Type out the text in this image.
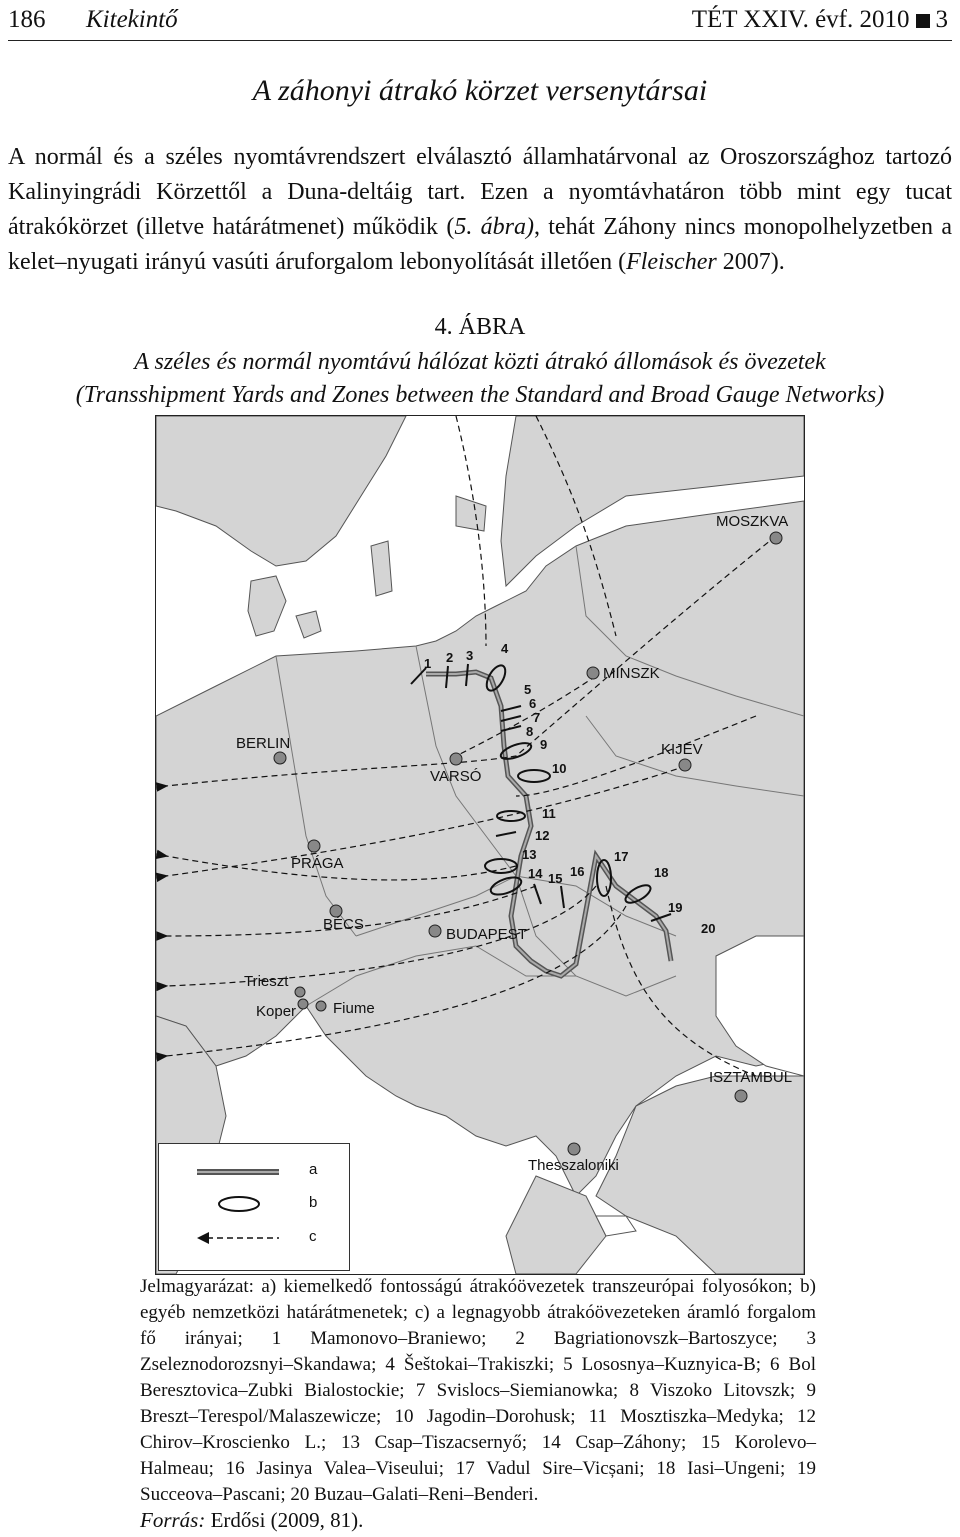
186 Kitekintő	TÉT XXIV. évf. 2010 3
A záhonyi átrakó körzet versenytársai

A normál és a széles nyomtávrendszert elválasztó államhatárvonal az Oroszországhoz tartozó Kalinyingrádi Körzettől a Duna-deltáig tart. Ezen a nyomtávhatáron több mint egy tucat átrakókörzet (illetve határátmenet) működik (5. ábra), tehát Záhony nincs monopolhelyzetben a kelet–nyugati irányú vasúti áruforgalom lebonyolítását illetően (Fleischer 2007).

4. ÁBRA
A széles és normál nyomtávú hálózat közti átrakó állomások és övezetek
(Transshipment Yards and Zones between the Standard and Broad Gauge Networks)
MOSZKVA
MINSZK
BERLIN
VARSÓ
KIJEV
PRÁGA
BÉCS
BUDAPEST
Trieszt
Koper Fiume
ISZTAMBUL
Thesszaloniki
1 2 3 4
5
6
7
8
9
10
11
12
13
14 15 16
17
18
19
20
a
b
c

Jelmagyarázat: a) kiemelkedő fontosságú átrakóövezetek transzeurópai folyosókon; b) egyéb nemzetközi határátmenetek; c) a legnagyobb átrakóövezeteken áramló forgalom fő irányai; 1 Mamonovo–Braniewo; 2 Bagriationovszk–Bartoszyce; 3 Zseleznodorozsnyi–Skandawa; 4 Šeštokai–Trakiszki; 5 Lososnya–Kuznyica-B; 6 Bol Beresztovica–Zubki Bialostockie; 7 Svislocs–Siemianowka; 8 Viszoko Litovszk; 9 Breszt–Terespol/Malaszewicze; 10 Jagodin–Dorohusk; 11 Mosztiszka–Medyka; 12 Chirov–Kroscienko L.; 13 Csap–Tiszacsernyő; 14 Csap–Záhony; 15 Korolevo–Halmeau; 16 Jasinya Valea–Viseului; 17 Vadul Sire–Vicșani; 18 Iasi–Ungeni; 19 Succeova–Pascani; 20 Buzau–Galati–Reni–Benderi.

Forrás: Erdősi (2009, 81).
